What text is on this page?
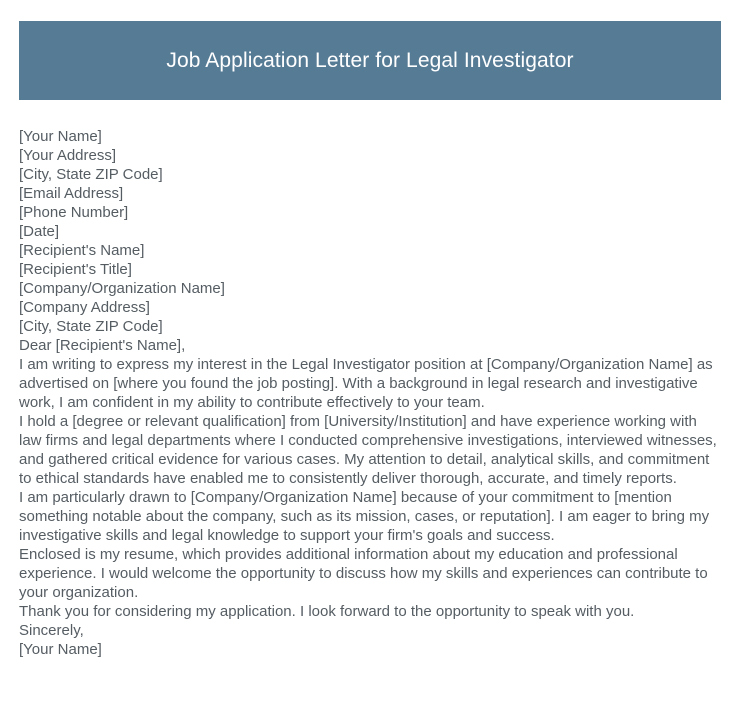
Job Application Letter for Legal Investigator
[Your Name]
[Your Address]
[City, State ZIP Code]
[Email Address]
[Phone Number]
[Date]
[Recipient's Name]
[Recipient's Title]
[Company/Organization Name]
[Company Address]
[City, State ZIP Code]
Dear [Recipient's Name],

I am writing to express my interest in the Legal Investigator position at [Company/Organization Name] as advertised on [where you found the job posting]. With a background in legal research and investigative work, I am confident in my ability to contribute effectively to your team.

I hold a [degree or relevant qualification] from [University/Institution] and have experience working with law firms and legal departments where I conducted comprehensive investigations, interviewed witnesses, and gathered critical evidence for various cases. My attention to detail, analytical skills, and commitment to ethical standards have enabled me to consistently deliver thorough, accurate, and timely reports.

I am particularly drawn to [Company/Organization Name] because of your commitment to [mention something notable about the company, such as its mission, cases, or reputation]. I am eager to bring my investigative skills and legal knowledge to support your firm's goals and success.

Enclosed is my resume, which provides additional information about my education and professional experience. I would welcome the opportunity to discuss how my skills and experiences can contribute to your organization.

Thank you for considering my application. I look forward to the opportunity to speak with you.

Sincerely,
[Your Name]
